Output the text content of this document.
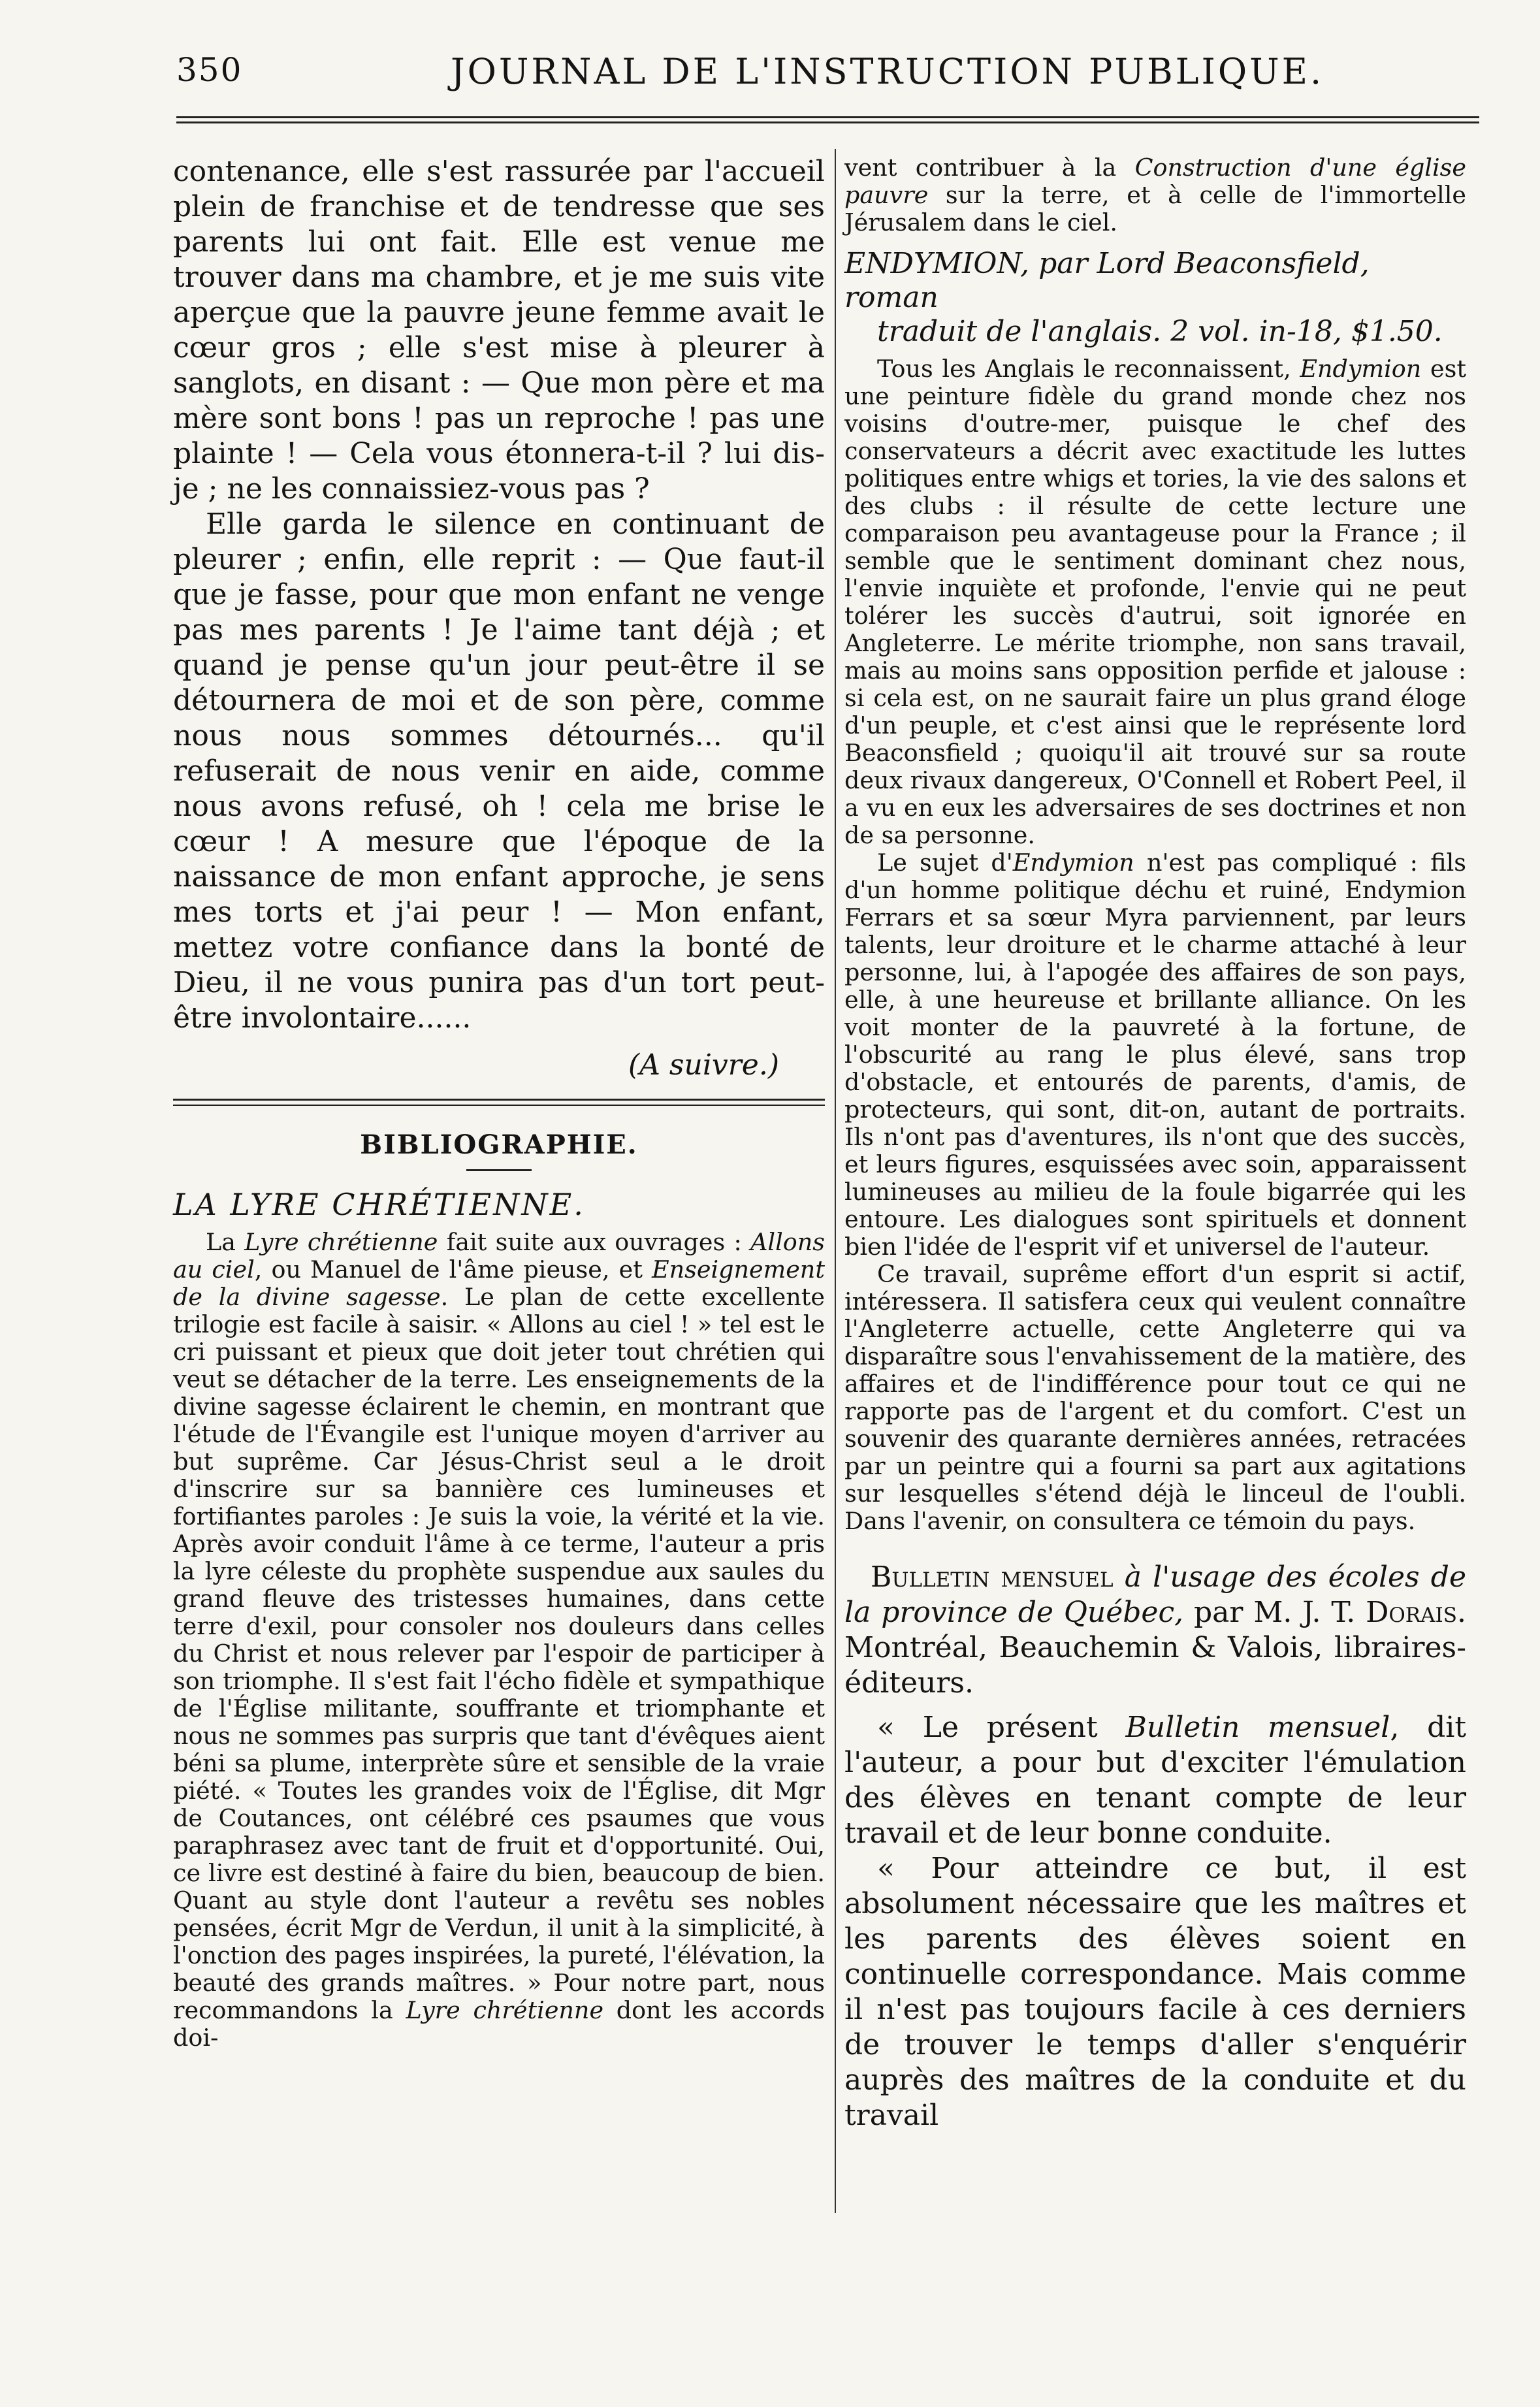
350	JOURNAL DE L'INSTRUCTION PUBLIQUE.

contenance, elle s'est rassurée par l'accueil plein de franchise et de tendresse que ses parents lui ont fait. Elle est venue me trouver dans ma chambre, et je me suis vite aperçue que la pauvre jeune femme avait le cœur gros ; elle s'est mise à pleurer à sanglots, en disant : — Que mon père et ma mère sont bons ! pas un reproche ! pas une plainte ! — Cela vous étonnera-t-il ? lui dis-je ; ne les connaissiez-vous pas ?

Elle garda le silence en continuant de pleurer ; enfin, elle reprit : — Que faut-il que je fasse, pour que mon enfant ne venge pas mes parents ! Je l'aime tant déjà ; et quand je pense qu'un jour peut-être il se détournera de moi et de son père, comme nous nous sommes détournés... qu'il refuserait de nous venir en aide, comme nous avons refusé, oh ! cela me brise le cœur ! A mesure que l'époque de la naissance de mon enfant approche, je sens mes torts et j'ai peur ! — Mon enfant, mettez votre confiance dans la bonté de Dieu, il ne vous punira pas d'un tort peut-être involontaire......

(A suivre.)

BIBLIOGRAPHIE.
LA LYRE CHRÉTIENNE.

La Lyre chrétienne fait suite aux ouvrages : Allons au ciel, ou Manuel de l'âme pieuse, et Enseignement de la divine sagesse. Le plan de cette excellente trilogie est facile à saisir. « Allons au ciel ! » tel est le cri puissant et pieux que doit jeter tout chrétien qui veut se détacher de la terre. Les enseignements de la divine sagesse éclairent le chemin, en montrant que l'étude de l'Évangile est l'unique moyen d'arriver au but suprême. Car Jésus-Christ seul a le droit d'inscrire sur sa bannière ces lumineuses et fortifiantes paroles : Je suis la voie, la vérité et la vie. Après avoir conduit l'âme à ce terme, l'auteur a pris la lyre céleste du prophète suspendue aux saules du grand fleuve des tristesses humaines, dans cette terre d'exil, pour consoler nos douleurs dans celles du Christ et nous relever par l'espoir de participer à son triomphe. Il s'est fait l'écho fidèle et sympathique de l'Église militante, souffrante et triomphante et nous ne sommes pas surpris que tant d'évêques aient béni sa plume, interprète sûre et sensible de la vraie piété. « Toutes les grandes voix de l'Église, dit Mgr de Coutances, ont célébré ces psaumes que vous paraphrasez avec tant de fruit et d'opportunité. Oui, ce livre est destiné à faire du bien, beaucoup de bien. Quant au style dont l'auteur a revêtu ses nobles pensées, écrit Mgr de Verdun, il unit à la simplicité, à l'onction des pages inspirées, la pureté, l'élévation, la beauté des grands maîtres. » Pour notre part, nous recommandons la Lyre chrétienne dont les accords doi-

vent contribuer à la Construction d'une église pauvre sur la terre, et à celle de l'immortelle Jérusalem dans le ciel.

ENDYMION, par Lord Beaconsfield, roman
traduit de l'anglais. 2 vol. in-18, $1.50.

Tous les Anglais le reconnaissent, Endymion est une peinture fidèle du grand monde chez nos voisins d'outre-mer, puisque le chef des conservateurs a décrit avec exactitude les luttes politiques entre whigs et tories, la vie des salons et des clubs : il résulte de cette lecture une comparaison peu avantageuse pour la France ; il semble que le sentiment dominant chez nous, l'envie inquiète et profonde, l'envie qui ne peut tolérer les succès d'autrui, soit ignorée en Angleterre. Le mérite triomphe, non sans travail, mais au moins sans opposition perfide et jalouse : si cela est, on ne saurait faire un plus grand éloge d'un peuple, et c'est ainsi que le représente lord Beaconsfield ; quoiqu'il ait trouvé sur sa route deux rivaux dangereux, O'Connell et Robert Peel, il a vu en eux les adversaires de ses doctrines et non de sa personne.

Le sujet d'Endymion n'est pas compliqué : fils d'un homme politique déchu et ruiné, Endymion Ferrars et sa sœur Myra parviennent, par leurs talents, leur droiture et le charme attaché à leur personne, lui, à l'apogée des affaires de son pays, elle, à une heureuse et brillante alliance. On les voit monter de la pauvreté à la fortune, de l'obscurité au rang le plus élevé, sans trop d'obstacle, et entourés de parents, d'amis, de protecteurs, qui sont, dit-on, autant de portraits. Ils n'ont pas d'aventures, ils n'ont que des succès, et leurs figures, esquissées avec soin, apparaissent lumineuses au milieu de la foule bigarrée qui les entoure. Les dialogues sont spirituels et donnent bien l'idée de l'esprit vif et universel de l'auteur.

Ce travail, suprême effort d'un esprit si actif, intéressera. Il satisfera ceux qui veulent connaître l'Angleterre actuelle, cette Angleterre qui va disparaître sous l'envahissement de la matière, des affaires et de l'indifférence pour tout ce qui ne rapporte pas de l'argent et du comfort. C'est un souvenir des quarante dernières années, retracées par un peintre qui a fourni sa part aux agitations sur lesquelles s'étend déjà le linceul de l'oubli. Dans l'avenir, on consultera ce témoin du pays.

Bulletin mensuel à l'usage des écoles de la province de Québec, par M. J. T. Dorais. Montréal, Beauchemin & Valois, libraires-éditeurs.

« Le présent Bulletin mensuel, dit l'auteur, a pour but d'exciter l'émulation des élèves en tenant compte de leur travail et de leur bonne conduite.

« Pour atteindre ce but, il est absolument nécessaire que les maîtres et les parents des élèves soient en continuelle correspondance. Mais comme il n'est pas toujours facile à ces derniers de trouver le temps d'aller s'enquérir auprès des maîtres de la conduite et du travail
